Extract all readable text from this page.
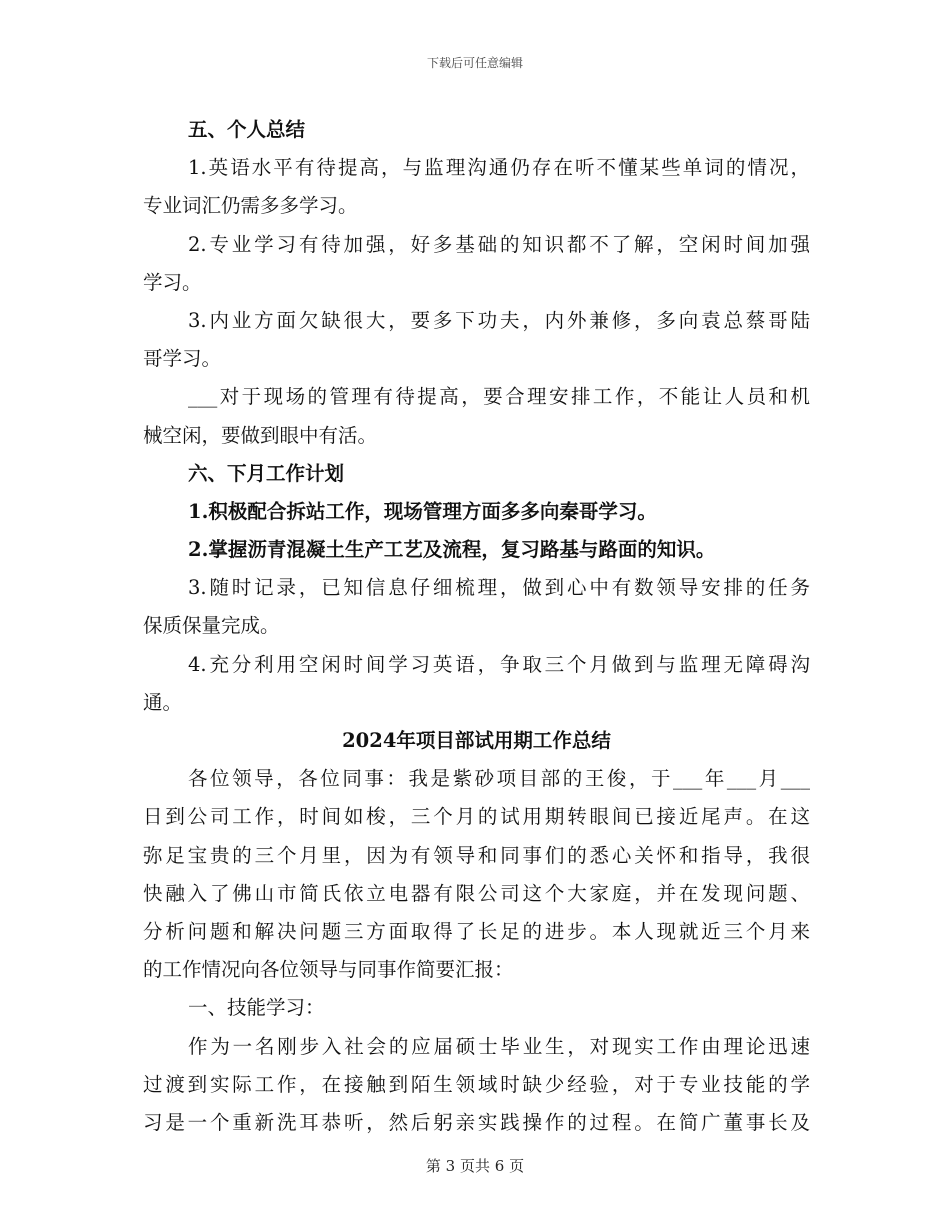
下载后可任意编辑
五、个人总结
1.英语水平有待提高，与监理沟通仍存在听不懂某些单词的情况，
专业词汇仍需多多学习。
2.专业学习有待加强，好多基础的知识都不了解，空闲时间加强
学习。
3.内业方面欠缺很大，要多下功夫，内外兼修，多向袁总蔡哥陆
哥学习。
___对于现场的管理有待提高，要合理安排工作，不能让人员和机
械空闲，要做到眼中有活。
六、下月工作计划
1.积极配合拆站工作，现场管理方面多多向秦哥学习。
2.掌握沥青混凝土生产工艺及流程，复习路基与路面的知识。
3.随时记录，已知信息仔细梳理，做到心中有数领导安排的任务
保质保量完成。
4.充分利用空闲时间学习英语，争取三个月做到与监理无障碍沟
通。
2024年项目部试用期工作总结
各位领导，各位同事：我是紫砂项目部的王俊，于___年___月___
日到公司工作，时间如梭，三个月的试用期转眼间已接近尾声。在这
弥足宝贵的三个月里，因为有领导和同事们的悉心关怀和指导，我很
快融入了佛山市简氏依立电器有限公司这个大家庭，并在发现问题、
分析问题和解决问题三方面取得了长足的进步。本人现就近三个月来
的工作情况向各位领导与同事作简要汇报：
一、技能学习：
作为一名刚步入社会的应届硕士毕业生，对现实工作由理论迅速
过渡到实际工作，在接触到陌生领域时缺少经验，对于专业技能的学
习是一个重新洗耳恭听，然后躬亲实践操作的过程。在简广董事长及
第 3 页共 6 页
